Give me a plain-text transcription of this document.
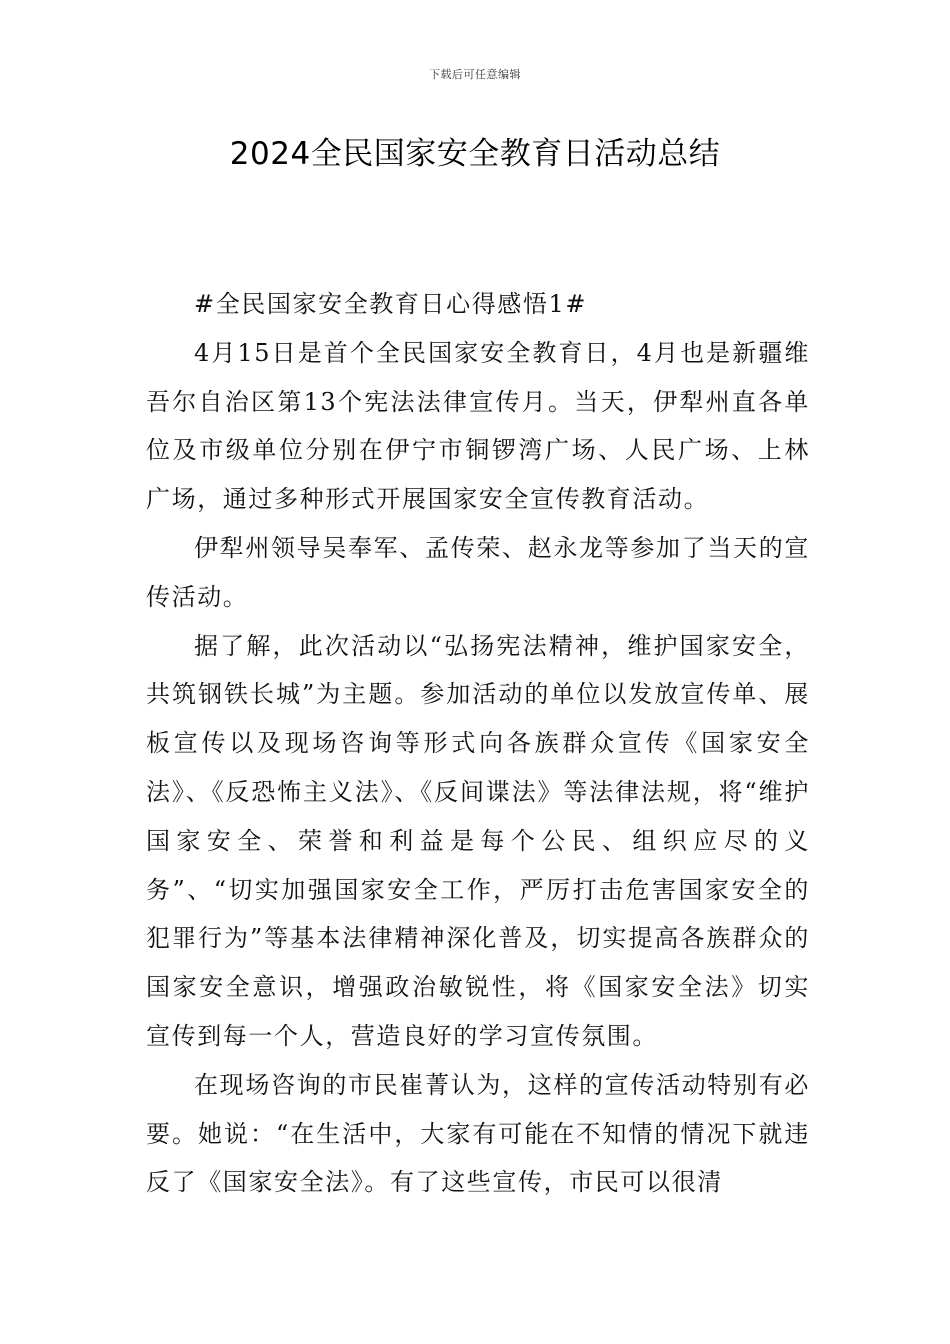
下载后可任意编辑
2024全民国家安全教育日活动总结

#全民国家安全教育日心得感悟1#

4月15日是首个全民国家安全教育日，4月也是新疆维吾尔自治区第13个宪法法律宣传月。当天，伊犁州直各单位及市级单位分别在伊宁市铜锣湾广场、人民广场、上林广场，通过多种形式开展国家安全宣传教育活动。

伊犁州领导吴奉军、孟传荣、赵永龙等参加了当天的宣传活动。

据了解，此次活动以“弘扬宪法精神，维护国家安全，共筑钢铁长城”为主题。参加活动的单位以发放宣传单、展板宣传以及现场咨询等形式向各族群众宣传《国家安全法》、《反恐怖主义法》、《反间谍法》等法律法规，将“维护国家安全、荣誉和利益是每个公民、组织应尽的义务”、“切实加强国家安全工作，严厉打击危害国家安全的犯罪行为”等基本法律精神深化普及，切实提高各族群众的国家安全意识，增强政治敏锐性，将《国家安全法》切实宣传到每一个人，营造良好的学习宣传氛围。

在现场咨询的市民崔菁认为，这样的宣传活动特别有必要。她说：“在生活中，大家有可能在不知情的情况下就违反了《国家安全法》。有了这些宣传，市民可以很清
